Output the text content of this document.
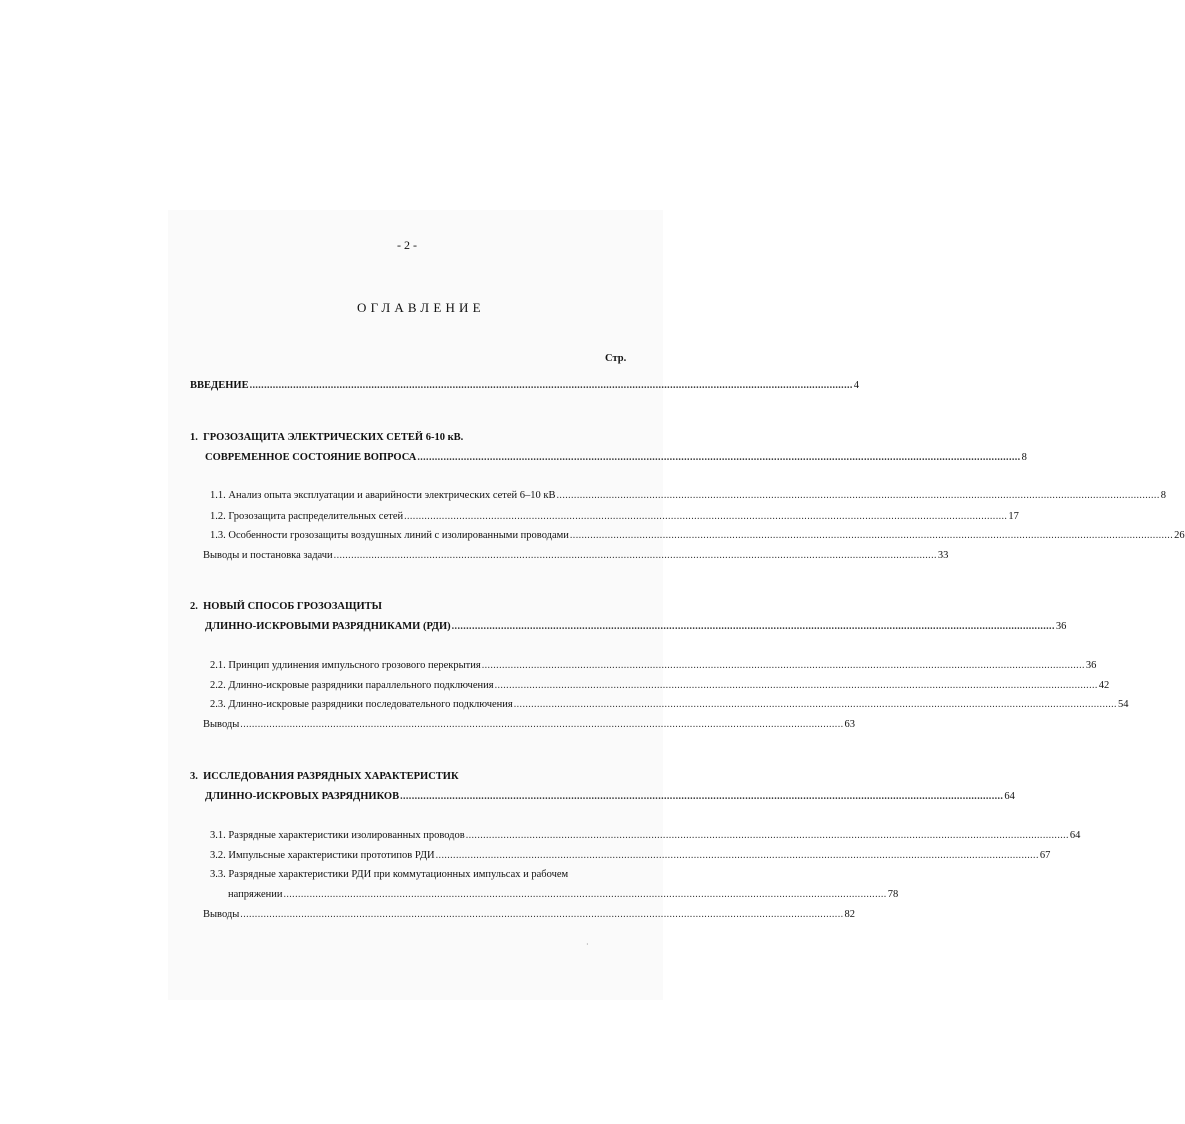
- 2 -
ОГЛАВЛЕНИЕ
Стр.
ВВЕДЕНИЕ ................................................................................................................................................................................................................ 4
1. ГРОЗОЗАЩИТА ЭЛЕКТРИЧЕСКИХ СЕТЕЙ 6-10 кВ.
СОВРЕМЕННОЕ СОСТОЯНИЕ ВОПРОСА ................................................................................................................................................................................................................ 8
1.1. Анализ опыта эксплуатации и аварийности электрических сетей 6–10 кВ ................................................................................................................................................................................................................ 8
1.2. Грозозащита распределительных сетей ................................................................................................................................................................................................................ 17
1.3. Особенности грозозащиты воздушных линий с изолированными проводами ................................................................................................................................................................................................................ 26
Выводы и постановка задачи ................................................................................................................................................................................................................ 33
2. НОВЫЙ СПОСОБ ГРОЗОЗАЩИТЫ
ДЛИННО-ИСКРОВЫМИ РАЗРЯДНИКАМИ (РДИ) ................................................................................................................................................................................................................ 36
2.1. Принцип удлинения импульсного грозового перекрытия ................................................................................................................................................................................................................ 36
2.2. Длинно-искровые разрядники параллельного подключения ................................................................................................................................................................................................................ 42
2.3. Длинно-искровые разрядники последовательного подключения ................................................................................................................................................................................................................ 54
Выводы ................................................................................................................................................................................................................ 63
3. ИССЛЕДОВАНИЯ РАЗРЯДНЫХ ХАРАКТЕРИСТИК
ДЛИННО-ИСКРОВЫХ РАЗРЯДНИКОВ ................................................................................................................................................................................................................ 64
3.1. Разрядные характеристики изолированных проводов ................................................................................................................................................................................................................ 64
3.2. Импульсные характеристики прототипов РДИ ................................................................................................................................................................................................................ 67
3.3. Разрядные характеристики РДИ при коммутационных импульсах и рабочем
напряжении ................................................................................................................................................................................................................ 78
Выводы ................................................................................................................................................................................................................ 82
·
